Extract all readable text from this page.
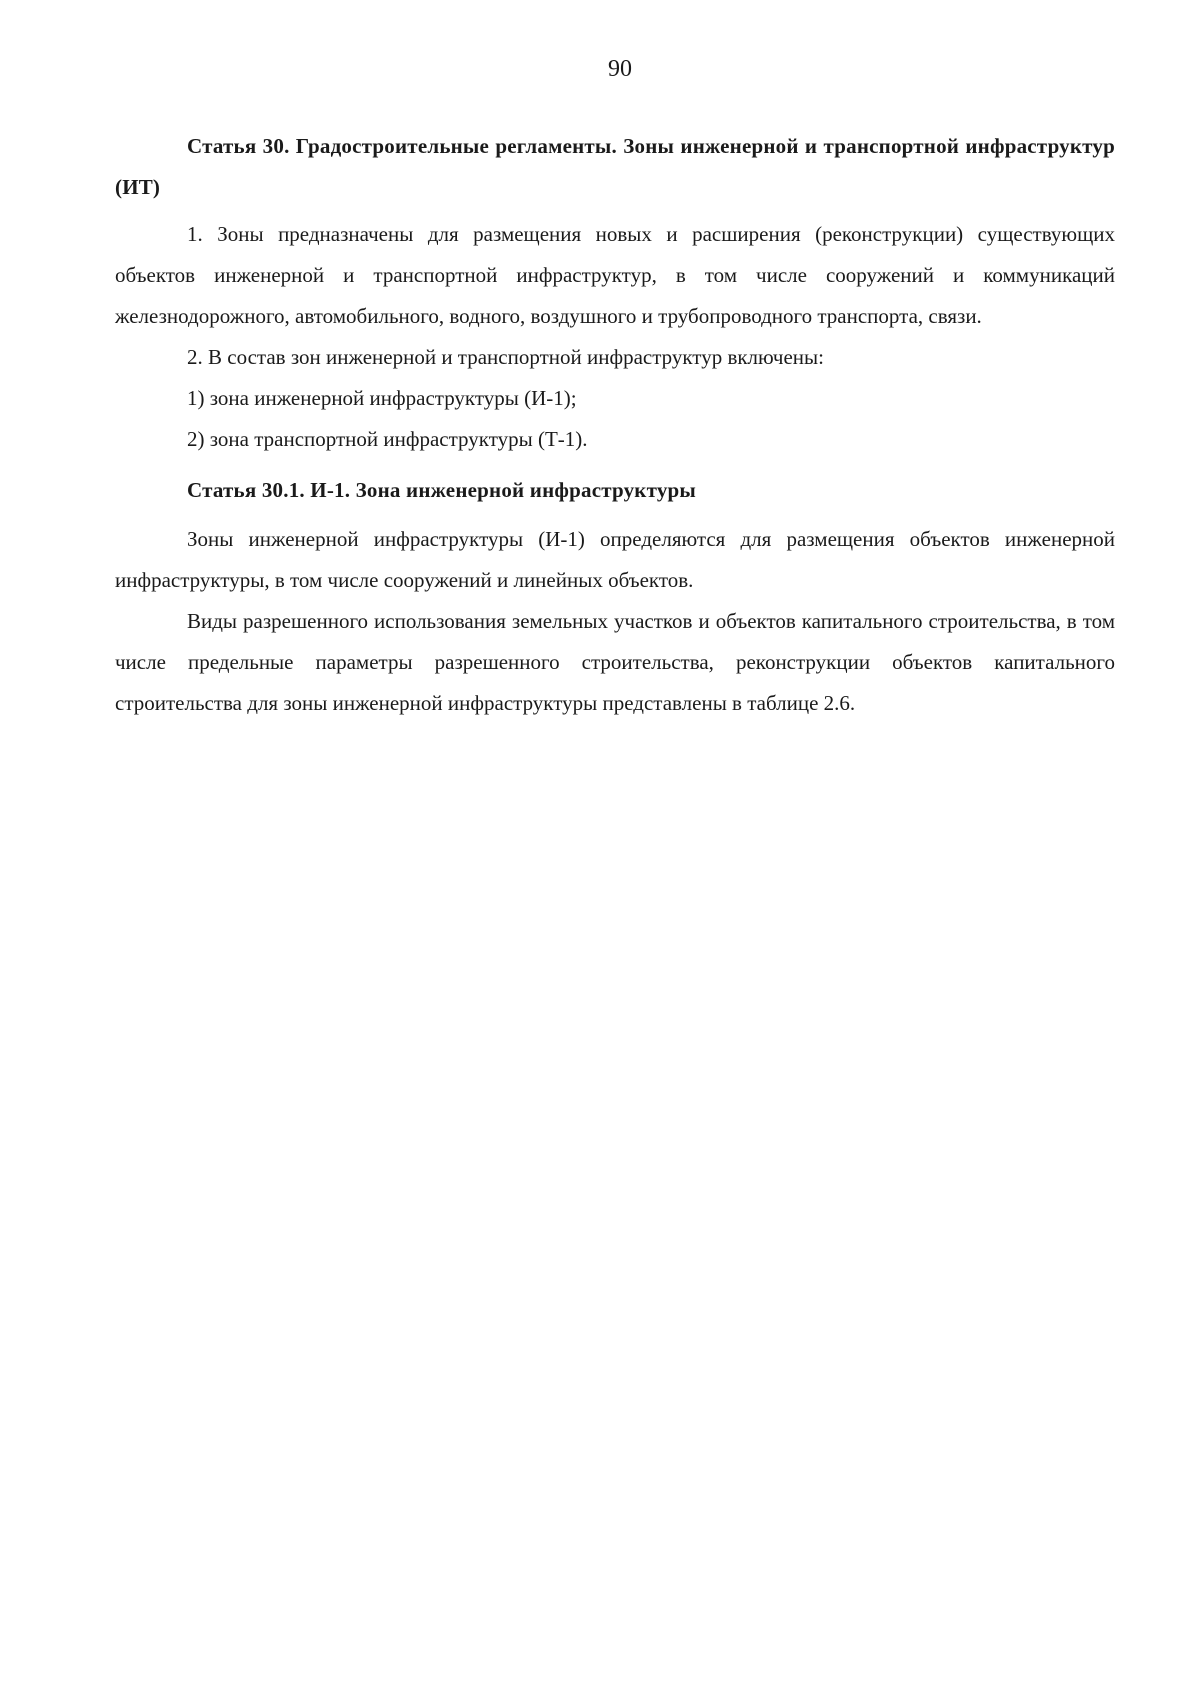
90

Статья 30. Градостроительные регламенты. Зоны инженерной и транспортной инфраструктур (ИТ)

1. Зоны предназначены для размещения новых и расширения (реконструкции) существующих объектов инженерной и транспортной инфраструктур, в том числе сооружений и коммуникаций железнодорожного, автомобильного, водного, воздушного и трубопроводного транспорта, связи.

2. В состав зон инженерной и транспортной инфраструктур включены:

1) зона инженерной инфраструктуры (И-1);

2) зона транспортной инфраструктуры (Т-1).

Статья 30.1. И-1. Зона инженерной инфраструктуры

Зоны инженерной инфраструктуры (И-1) определяются для размещения объектов инженерной инфраструктуры, в том числе сооружений и линейных объектов.

Виды разрешенного использования земельных участков и объектов капитального строительства, в том числе предельные параметры разрешенного строительства, реконструкции объектов капитального строительства для зоны инженерной инфраструктуры представлены в таблице 2.6.
